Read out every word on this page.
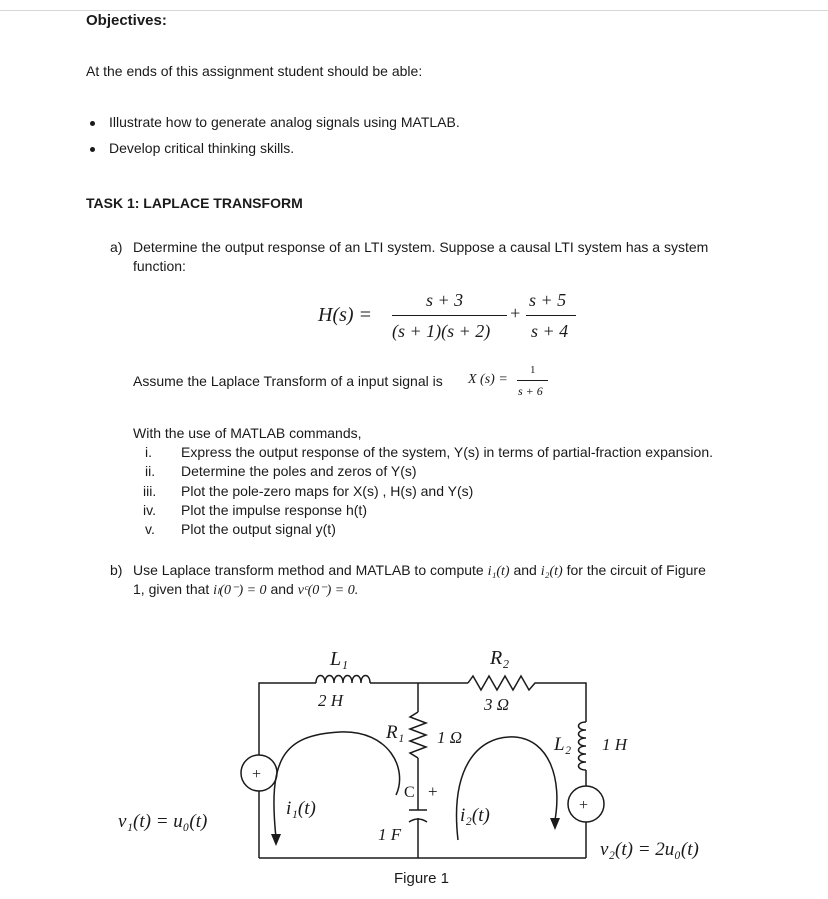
Objectives:
At the ends of this assignment student should be able:
Illustrate how to generate analog signals using MATLAB.
Develop critical thinking skills.
TASK 1: LAPLACE TRANSFORM
a) Determine the output response of an LTI system. Suppose a causal LTI system has a system
function:
H(s) =
s + 3
(s + 1)(s + 2)
+
s + 5
s + 4
Assume the Laplace Transform of a input signal is X (s) =
1
s + 6
With the use of MATLAB commands,
i. Express the output response of the system, Y(s) in terms of partial-fraction expansion.
ii. Determine the poles and zeros of Y(s)
iii. Plot the pole-zero maps for X(s) , H(s) and Y(s)
iv. Plot the impulse response h(t)
v. Plot the output signal y(t)
b) Use Laplace transform method and MATLAB to compute i₁(t) and i₂(t) for the circuit of Figure
1, given that iₗ(0⁻) = 0 and vᶜ(0⁻) = 0.
L₁
2 H
R₂
3 Ω
R₁ 1 Ω	L₂ 1 H
C +
1 F
+
+
i₁(t)	i₂(t)
v₁(t) = u₀(t)
v₂(t) = 2u₀(t)
Figure 1
